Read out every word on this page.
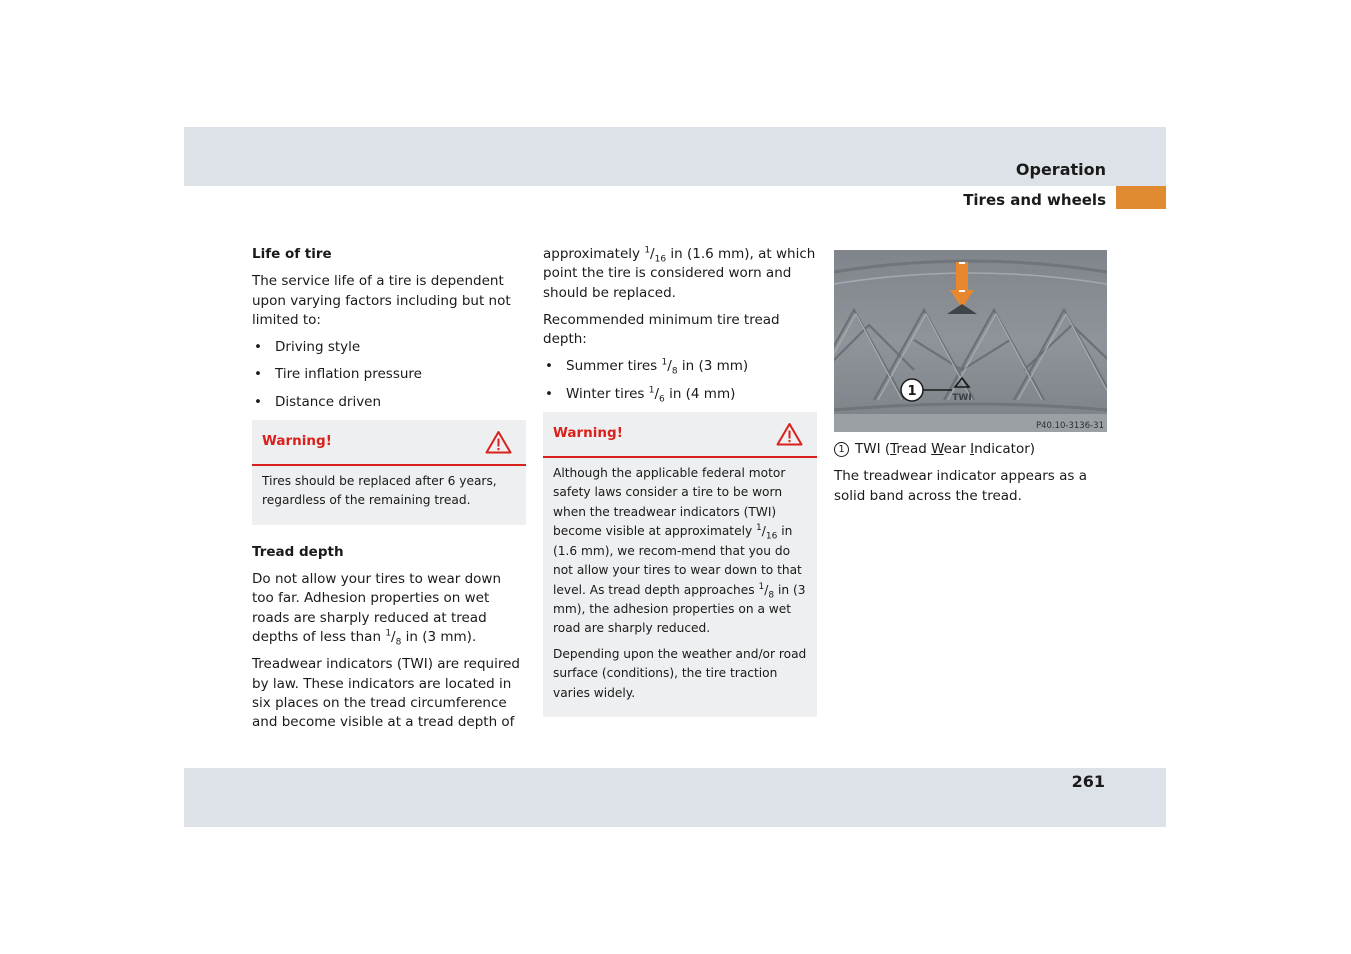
Operation
Tires and wheels
Life of tire

The service life of a tire is dependent upon varying factors including but not limited to:

• Driving style
• Tire inflation pressure
• Distance driven
Warning!

Tires should be replaced after 6 years, regardless of the remaining tread.

Tread depth

Do not allow your tires to wear down too far. Adhesion properties on wet roads are sharply reduced at tread depths of less than $^1/_8$ in (3 mm).

Treadwear indicators (TWI) are required by law. These indicators are located in six places on the tread circumference and become visible at a tread depth of

approximately $^1/_{16}$ in (1.6 mm), at which point the tire is considered worn and should be replaced.

Recommended minimum tire tread depth:

• Summer tires $^1/_8$ in (3 mm)
• Winter tires $^1/_6$ in (4 mm)
Warning!

Although the applicable federal motor safety laws consider a tire to be worn when the treadwear indicators (TWI) become visible at approximately $^1/_{16}$ in (1.6 mm), we recom-mend that you do not allow your tires to wear down to that level. As tread depth approaches $^1/_8$ in (3 mm), the adhesion properties on a wet road are sharply reduced.

Depending upon the weather and/or road surface (conditions), the tire traction varies widely.

1	TWI
P40.10-3136-31

1 TWI (Tread Wear Indicator)

The treadwear indicator appears as a solid band across the tread.

261
